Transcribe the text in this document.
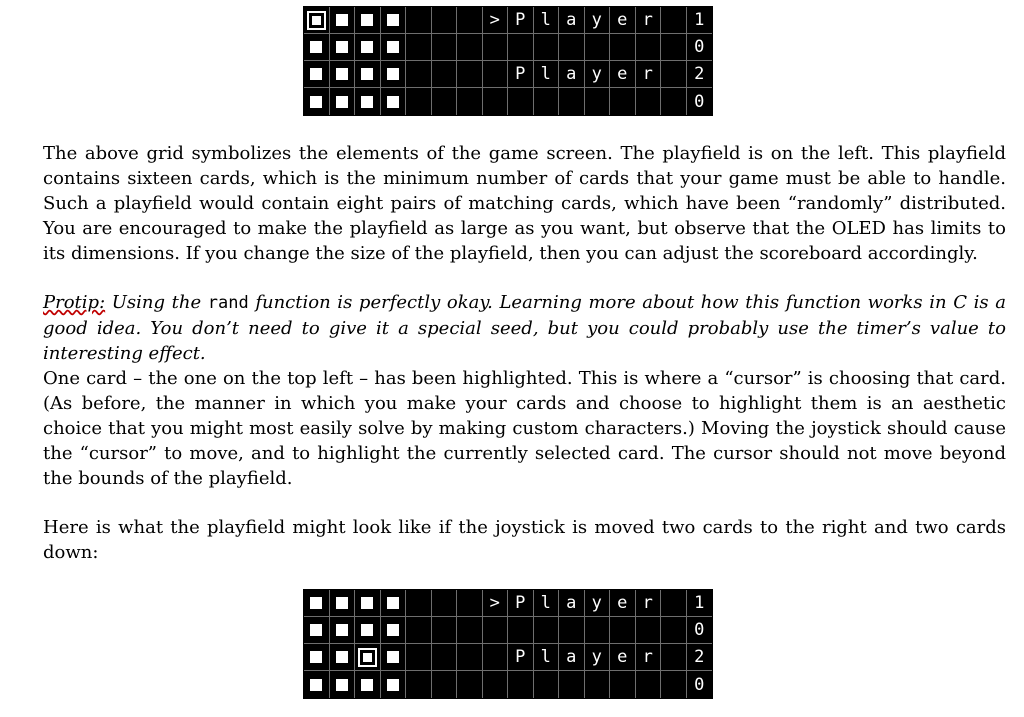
> P l a y e r	1
0
P l a y e r	2
0

The above grid symbolizes the elements of the game screen. The playfield is on the left. This playfield contains sixteen cards, which is the minimum number of cards that your game must be able to handle. Such a playfield would contain eight pairs of matching cards, which have been “randomly” distributed. You are encouraged to make the playfield as large as you want, but observe that the OLED has limits to its dimensions. If you change the size of the playfield, then you can adjust the scoreboard accordingly.

Protip: Using the rand function is perfectly okay. Learning more about how this function works in C is a good idea. You don’t need to give it a special seed, but you could probably use the timer’s value to interesting effect.

One card – the one on the top left – has been highlighted. This is where a “cursor” is choosing that card. (As before, the manner in which you make your cards and choose to highlight them is an aesthetic choice that you might most easily solve by making custom characters.) Moving the joystick should cause the “cursor” to move, and to highlight the currently selected card. The cursor should not move beyond the bounds of the playfield.

Here is what the playfield might look like if the joystick is moved two cards to the right and two cards down:

> P l a y e r	1
0
P l a y e r	2
0
